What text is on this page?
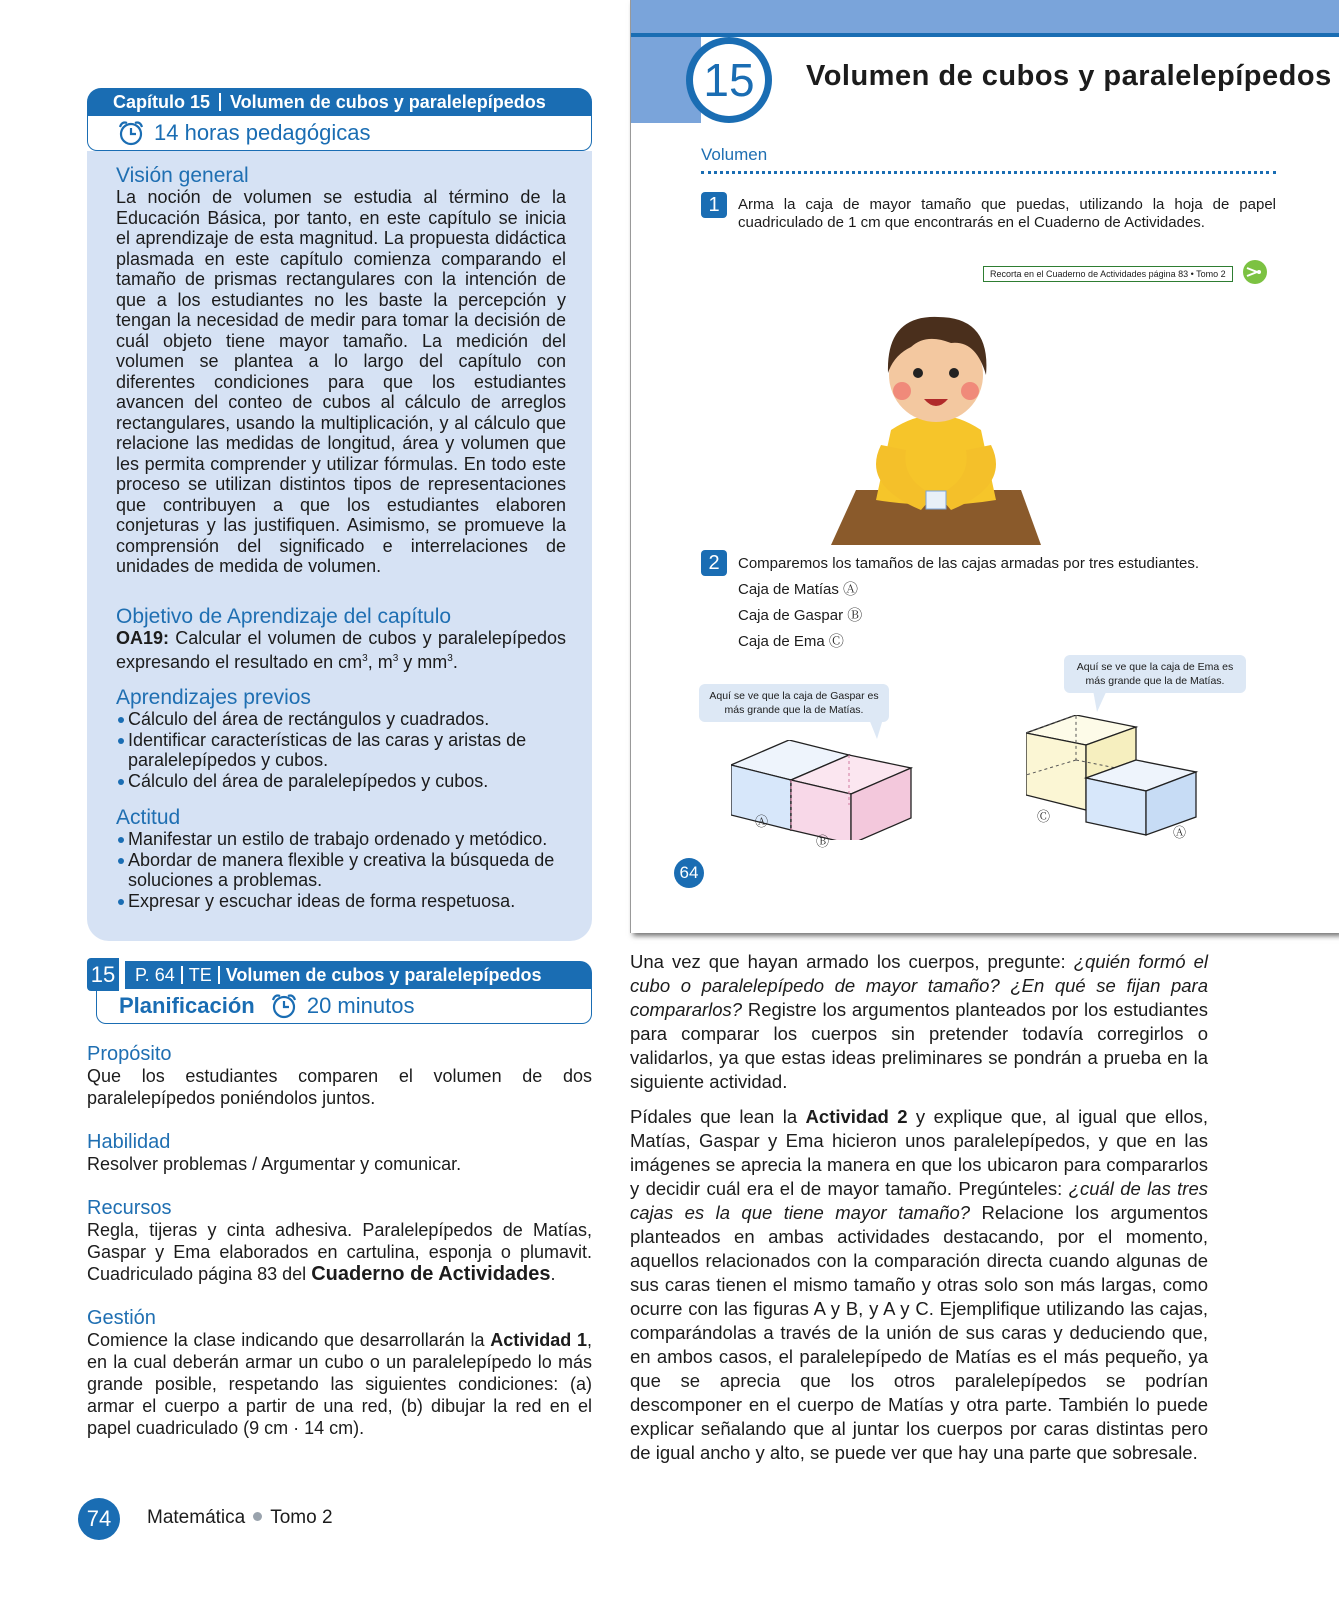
Capítulo 15 Volumen de cubos y paralelepípedos
14 horas pedagógicas
Visión general
La noción de volumen se estudia al término de la Educación Básica, por tanto, en este capítulo se inicia el aprendizaje de esta magnitud. La propuesta didáctica plasmada en este capítulo comienza comparando el tamaño de prismas rectangulares con la intención de que a los estudiantes no les baste la percepción y tengan la necesidad de medir para tomar la decisión de cuál objeto tiene mayor tamaño. La medición del volumen se plantea a lo largo del capítulo con diferentes condiciones para que los estudiantes avancen del conteo de cubos al cálculo de arreglos rectangulares, usando la multiplicación, y al cálculo que relacione las medidas de longitud, área y volumen que les permita comprender y utilizar fórmulas. En todo este proceso se utilizan distintos tipos de representaciones que contribuyen a que los estudiantes elaboren conjeturas y las justifiquen. Asimismo, se promueve la comprensión del significado e interrelaciones de unidades de medida de volumen.
Objetivo de Aprendizaje del capítulo
OA19: Calcular el volumen de cubos y paralelepípedos expresando el resultado en $cm^3$, $m^3$ y $mm^3$.
Aprendizajes previos
Cálculo del área de rectángulos y cuadrados.
Identificar características de las caras y aristas de paralelepípedos y cubos.
Cálculo del área de paralelepípedos y cubos.
Actitud
Manifestar un estilo de trabajo ordenado y metódico.
Abordar de manera flexible y creativa la búsqueda de soluciones a problemas.
Expresar y escuchar ideas de forma respetuosa.
15	Volumen de cubos y paralelepípedos
Volumen
1	Arma la caja de mayor tamaño que puedas, utilizando la hoja de papel cuadriculado de 1 cm que encontrarás en el Cuaderno de Actividades.
Recorta en el Cuaderno de Actividades página 83 • Tomo 2
2	Comparemos los tamaños de las cajas armadas por tres estudiantes.
Caja de Matías Ⓐ
Caja de Gaspar Ⓑ
Caja de Ema Ⓒ
Aquí se ve que la caja de Gaspar es más grande que la de Matías.
Aquí se ve que la caja de Ema es más grande que la de Matías.
Ⓐ
Ⓑ
Ⓒ
Ⓐ
64
15	P. 64 TE Volumen de cubos y paralelepípedos
Planificación 20 minutos
Propósito
Que los estudiantes comparen el volumen de dos paralelepípedos poniéndolos juntos.
Habilidad
Resolver problemas / Argumentar y comunicar.
Recursos
Regla, tijeras y cinta adhesiva. Paralelepípedos de Matías, Gaspar y Ema elaborados en cartulina, esponja o plumavit. Cuadriculado página 83 del Cuaderno de Actividades.
Gestión
Comience la clase indicando que desarrollarán la Actividad 1, en la cual deberán armar un cubo o un paralelepípedo lo más grande posible, respetando las siguientes condiciones: (a) armar el cuerpo a partir de una red, (b) dibujar la red en el papel cuadriculado (9 cm · 14 cm).

Una vez que hayan armado los cuerpos, pregunte: ¿quién formó el cubo o paralelepípedo de mayor tamaño? ¿En qué se fijan para compararlos? Registre los argumentos planteados por los estudiantes para comparar los cuerpos sin pretender todavía corregirlos o validarlos, ya que estas ideas preliminares se pondrán a prueba en la siguiente actividad.

Pídales que lean la Actividad 2 y explique que, al igual que ellos, Matías, Gaspar y Ema hicieron unos paralelepípedos, y que en las imágenes se aprecia la manera en que los ubicaron para compararlos y decidir cuál era el de mayor tamaño. Pregúnteles: ¿cuál de las tres cajas es la que tiene mayor tamaño? Relacione los argumentos planteados en ambas actividades destacando, por el momento, aquellos relacionados con la comparación directa cuando algunas de sus caras tienen el mismo tamaño y otras solo son más largas, como ocurre con las figuras A y B, y A y C. Ejemplifique utilizando las cajas, comparándolas a través de la unión de sus caras y deduciendo que, en ambos casos, el paralelepípedo de Matías es el más pequeño, ya que se aprecia que los otros paralelepípedos se podrían descomponer en el cuerpo de Matías y otra parte. También lo puede explicar señalando que al juntar los cuerpos por caras distintas pero de igual ancho y alto, se puede ver que hay una parte que sobresale.

74	Matemática Tomo 2
